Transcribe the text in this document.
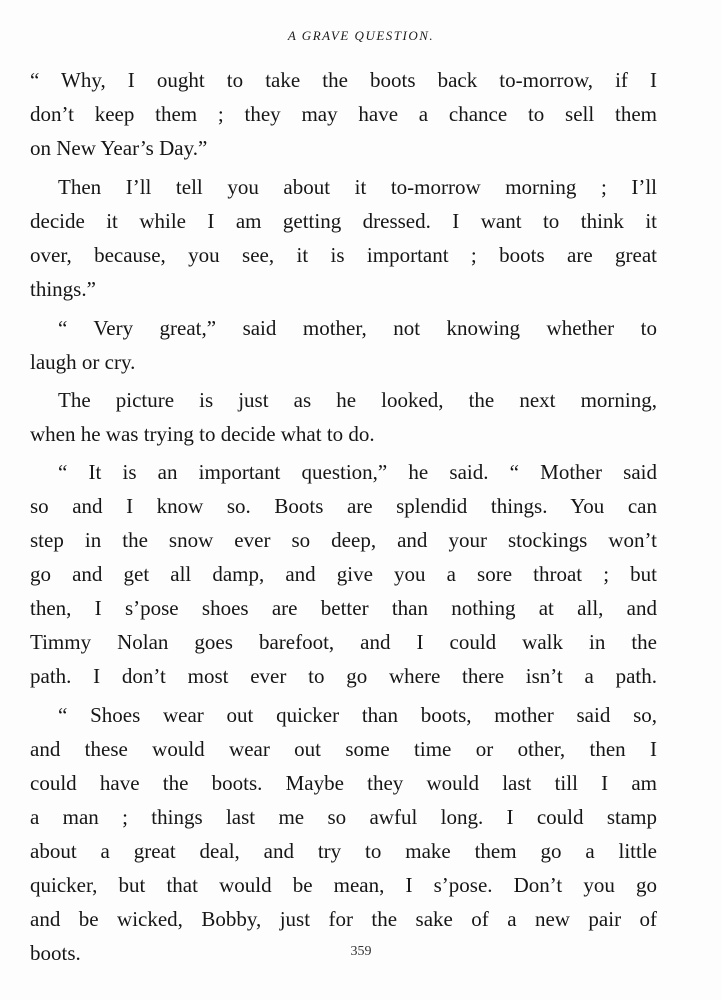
A GRAVE QUESTION.
“ Why, I ought to take the boots back to-morrow, if I
don’t keep them ; they may have a chance to sell them
on New Year’s Day.”
Then I’ll tell you about it to-morrow morning ; I’ll
decide it while I am getting dressed. I want to think it
over, because, you see, it is important ; boots are great
things.”
“ Very great,” said mother, not knowing whether to
laugh or cry.
The picture is just as he looked, the next morning,
when he was trying to decide what to do.
“ It is an important question,” he said. “ Mother said
so and I know so. Boots are splendid things. You can
step in the snow ever so deep, and your stockings won’t
go and get all damp, and give you a sore throat ; but
then, I s’pose shoes are better than nothing at all, and
Timmy Nolan goes barefoot, and I could walk in the
path. I don’t most ever to go where there isn’t a path.
“ Shoes wear out quicker than boots, mother said so,
and these would wear out some time or other, then I
could have the boots. Maybe they would last till I am
a man ; things last me so awful long. I could stamp
about a great deal, and try to make them go a little
quicker, but that would be mean, I s’pose. Don’t you go
and be wicked, Bobby, just for the sake of a new pair of
boots.	359
